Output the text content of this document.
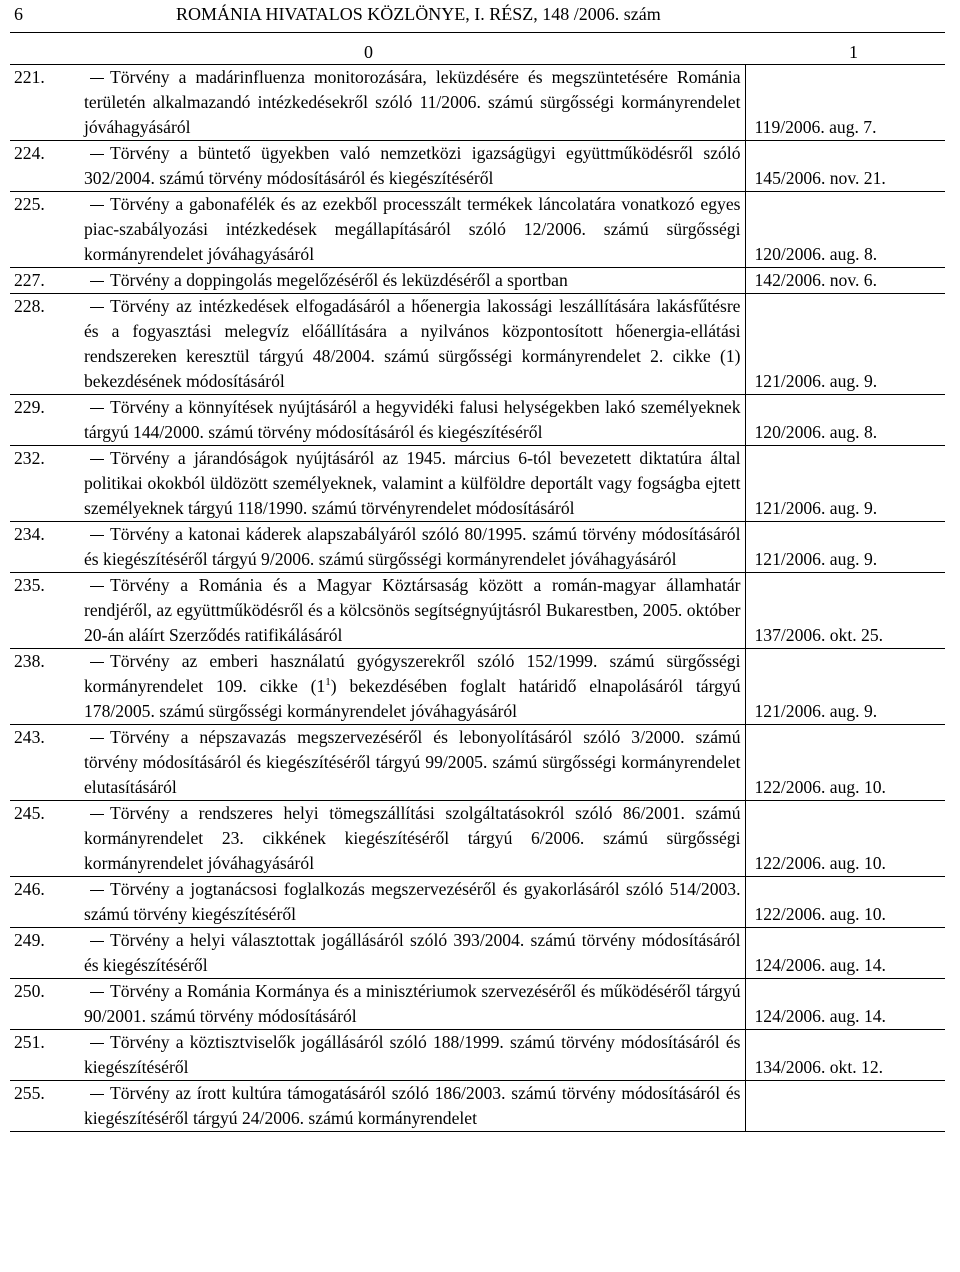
6	ROMÁNIA HIVATALOS KÖZLÖNYE, I. RÉSZ, 148 /2006. szám
0	1
221. Törvény a madárinfluenza monitorozására, leküzdésére és megszüntetésére Románia területén alkalmazandó intézkedésekről szóló 11/2006. számú sürgősségi kormányrendelet jóváhagyásáról	119/2006. aug. 7.

224. Törvény a büntető ügyekben való nemzetközi igazságügyi együttműködésről szóló 302/2004. számú törvény módosításáról és kiegészítéséről	145/2006. nov. 21.

225. Törvény a gabonafélék és az ezekből processzált termékek láncolatára vonatkozó egyes piac-szabályozási intézkedések megállapításáról szóló 12/2006. számú sürgősségi kormányrendelet jóváhagyásáról	120/2006. aug. 8.

227. Törvény a doppingolás megelőzéséről és leküzdéséről a sportban	142/2006. nov. 6.

228. Törvény az intézkedések elfogadásáról a hőenergia lakossági leszállítására lakásfűtésre és a fogyasztási melegvíz előállítására a nyilvános központosított hőenergia-ellátási rendszereken keresztül tárgyú 48/2004. számú sürgősségi kormányrendelet 2. cikke (1) bekezdésének módosításáról	121/2006. aug. 9.

229. Törvény a könnyítések nyújtásáról a hegyvidéki falusi helységekben lakó személyeknek tárgyú 144/2000. számú törvény módosításáról és kiegészítéséről	120/2006. aug. 8.

232. Törvény a járandóságok nyújtásáról az 1945. március 6-tól bevezetett diktatúra által politikai okokból üldözött személyeknek, valamint a külföldre deportált vagy fogságba ejtett személyeknek tárgyú 118/1990. számú törvényrendelet módosításáról	121/2006. aug. 9.

234. Törvény a katonai káderek alapszabályáról szóló 80/1995. számú törvény módosításáról és kiegészítéséről tárgyú 9/2006. számú sürgősségi kormányrendelet jóváhagyásáról	121/2006. aug. 9.

235. Törvény a Románia és a Magyar Köztársaság között a román-magyar államhatár rendjéről, az együttműködésről és a kölcsönös segítségnyújtásról Bukarestben, 2005. október 20-án aláírt Szerződés ratifikálásáról	137/2006. okt. 25.

238. Törvény az emberi használatú gyógyszerekről szóló 152/1999. számú sürgősségi kormányrendelet 109. cikke $(1^1)$ bekezdésében foglalt határidő elnapolásáról tárgyú 178/2005. számú sürgősségi kormányrendelet jóváhagyásáról	121/2006. aug. 9.

243. Törvény a népszavazás megszervezéséről és lebonyolításáról szóló 3/2000. számú törvény módosításáról és kiegészítéséről tárgyú 99/2005. számú sürgősségi kormányrendelet elutasításáról	122/2006. aug. 10.

245. Törvény a rendszeres helyi tömegszállítási szolgáltatásokról szóló 86/2001. számú kormányrendelet 23. cikkének kiegészítéséről tárgyú 6/2006. számú sürgősségi kormányrendelet jóváhagyásáról	122/2006. aug. 10.

246. Törvény a jogtanácsosi foglalkozás megszervezéséről és gyakorlásáról szóló 514/2003. számú törvény kiegészítéséről	122/2006. aug. 10.

249. Törvény a helyi választottak jogállásáról szóló 393/2004. számú törvény módosításáról és kiegészítéséről	124/2006. aug. 14.

250. Törvény a Románia Kormánya és a minisztériumok szervezéséről és működéséről tárgyú 90/2001. számú törvény módosításáról	124/2006. aug. 14.

251. Törvény a köztisztviselők jogállásáról szóló 188/1999. számú törvény módosításáról és kiegészítéséről	134/2006. okt. 12.

255. Törvény az írott kultúra támogatásáról szóló 186/2003. számú törvény módosításáról és kiegészítéséről tárgyú 24/2006. számú kormányrendelet	
